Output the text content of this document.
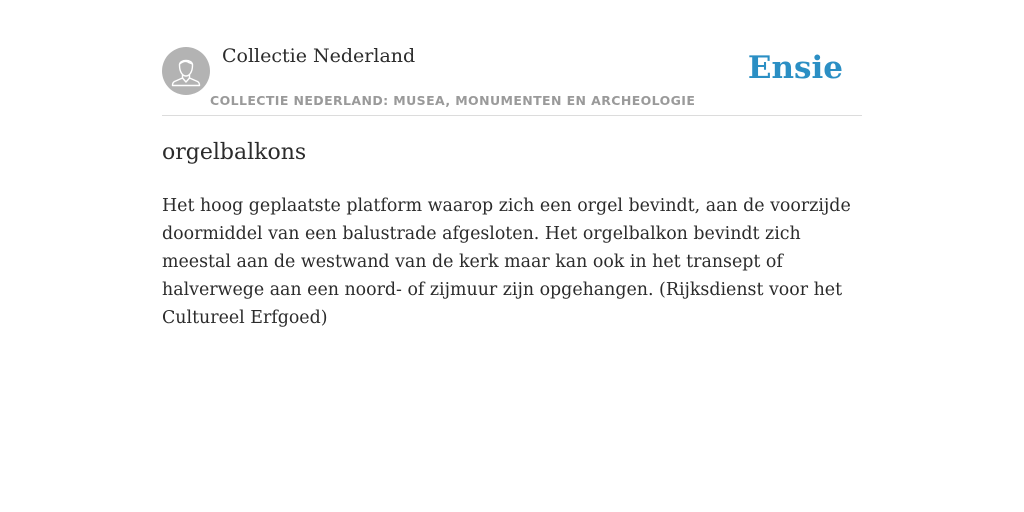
Collectie Nederland
COLLECTIE NEDERLAND: MUSEA, MONUMENTEN EN ARCHEOLOGIE
Ensie
orgelbalkons

Het hoog geplaatste platform waarop zich een orgel bevindt, aan de voorzijde doormiddel van een balustrade afgesloten. Het orgelbalkon bevindt zich meestal aan de westwand van de kerk maar kan ook in het transept of halverwege aan een noord- of zijmuur zijn opgehangen. (Rijksdienst voor het Cultureel Erfgoed)
